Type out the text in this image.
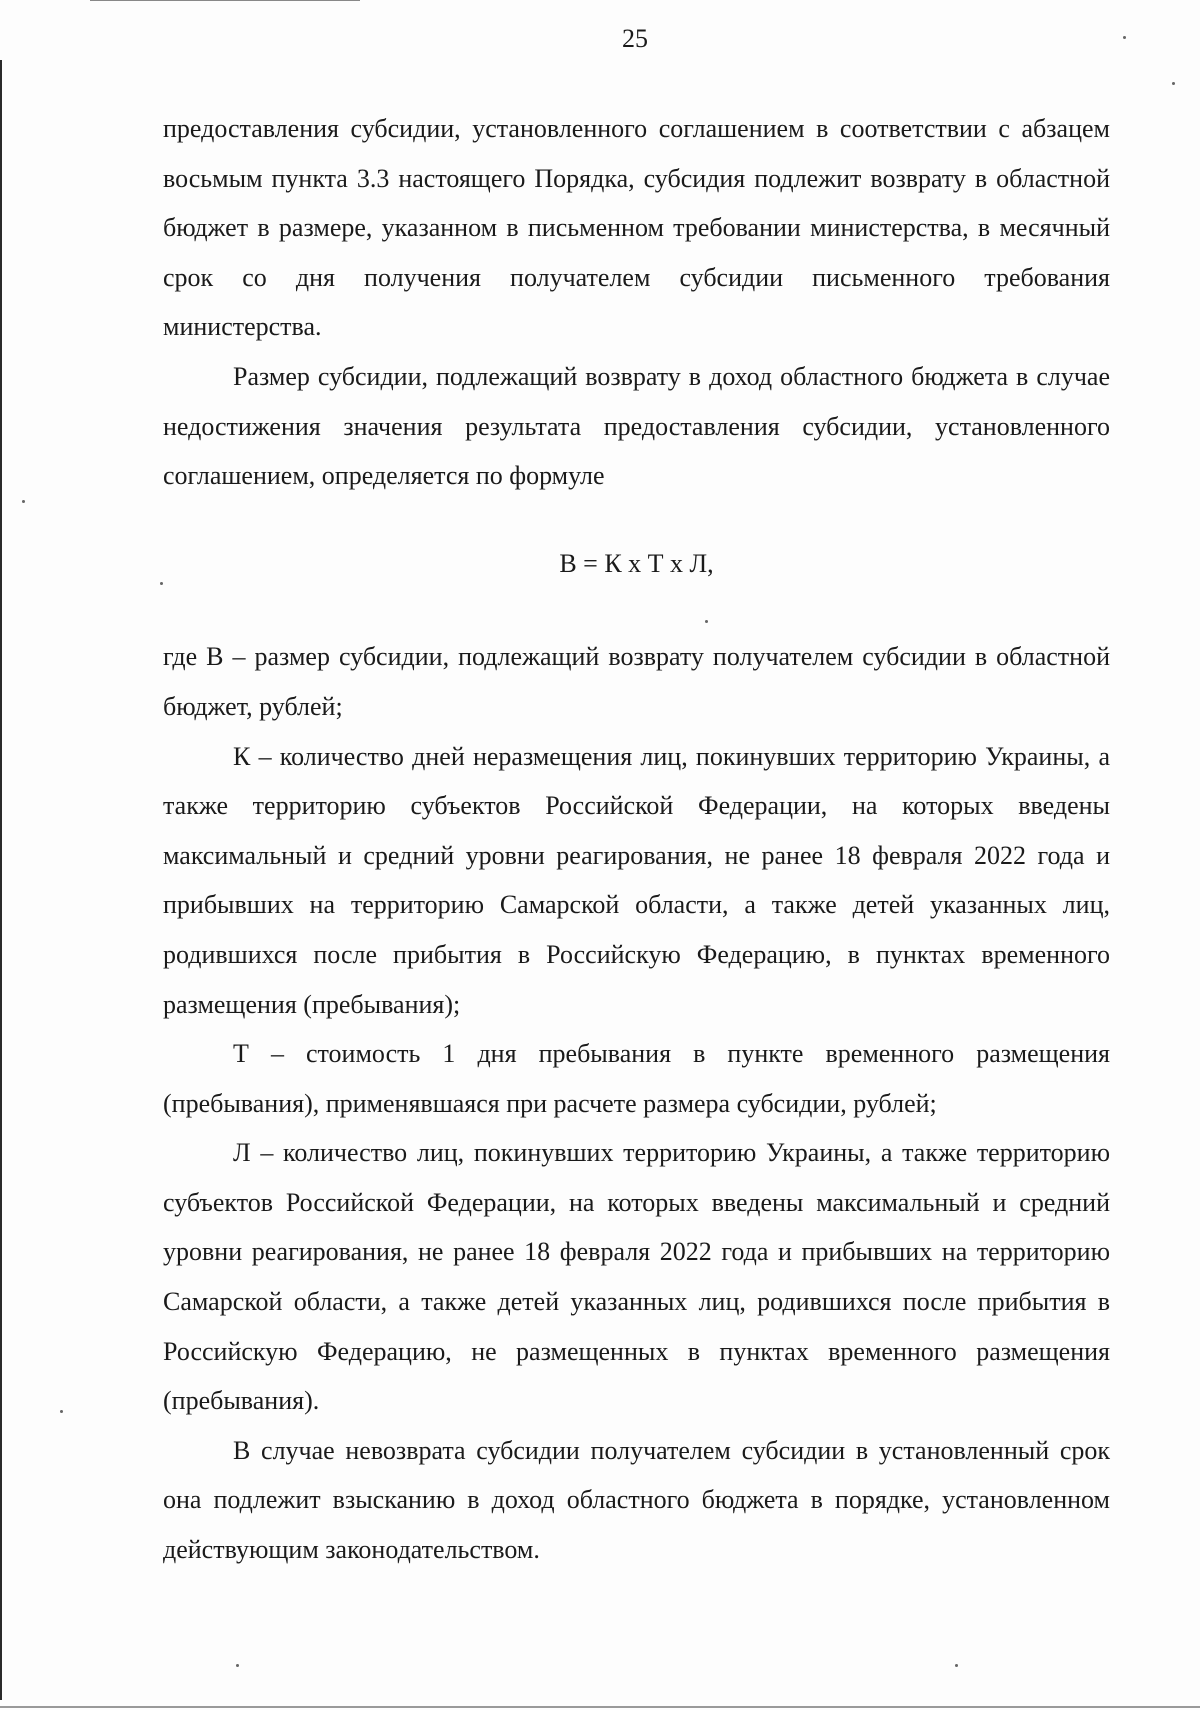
25

предоставления субсидии, установленного соглашением в соответствии с абзацем восьмым пункта 3.3 настоящего Порядка, субсидия подлежит возврату в областной бюджет в размере, указанном в письменном требовании министерства, в месячный срок со дня получения получателем субсидии письменного требования министерства.

Размер субсидии, подлежащий возврату в доход областного бюджета в случае недостижения значения результата предоставления субсидии, установленного соглашением, определяется по формуле

В = К х Т х Л,

где В – размер субсидии, подлежащий возврату получателем субсидии в областной бюджет, рублей;

К – количество дней неразмещения лиц, покинувших территорию Украины, а также территорию субъектов Российской Федерации, на которых введены максимальный и средний уровни реагирования, не ранее 18 февраля 2022 года и прибывших на территорию Самарской области, а также детей указанных лиц, родившихся после прибытия в Российскую Федерацию, в пунктах временного размещения (пребывания);

Т – стоимость 1 дня пребывания в пункте временного размещения (пребывания), применявшаяся при расчете размера субсидии, рублей;

Л – количество лиц, покинувших территорию Украины, а также территорию субъектов Российской Федерации, на которых введены максимальный и средний уровни реагирования, не ранее 18 февраля 2022 года и прибывших на территорию Самарской области, а также детей указанных лиц, родившихся после прибытия в Российскую Федерацию, не размещенных в пунктах временного размещения (пребывания).

В случае невозврата субсидии получателем субсидии в установленный срок она подлежит взысканию в доход областного бюджета в порядке, установленном действующим законодательством.
